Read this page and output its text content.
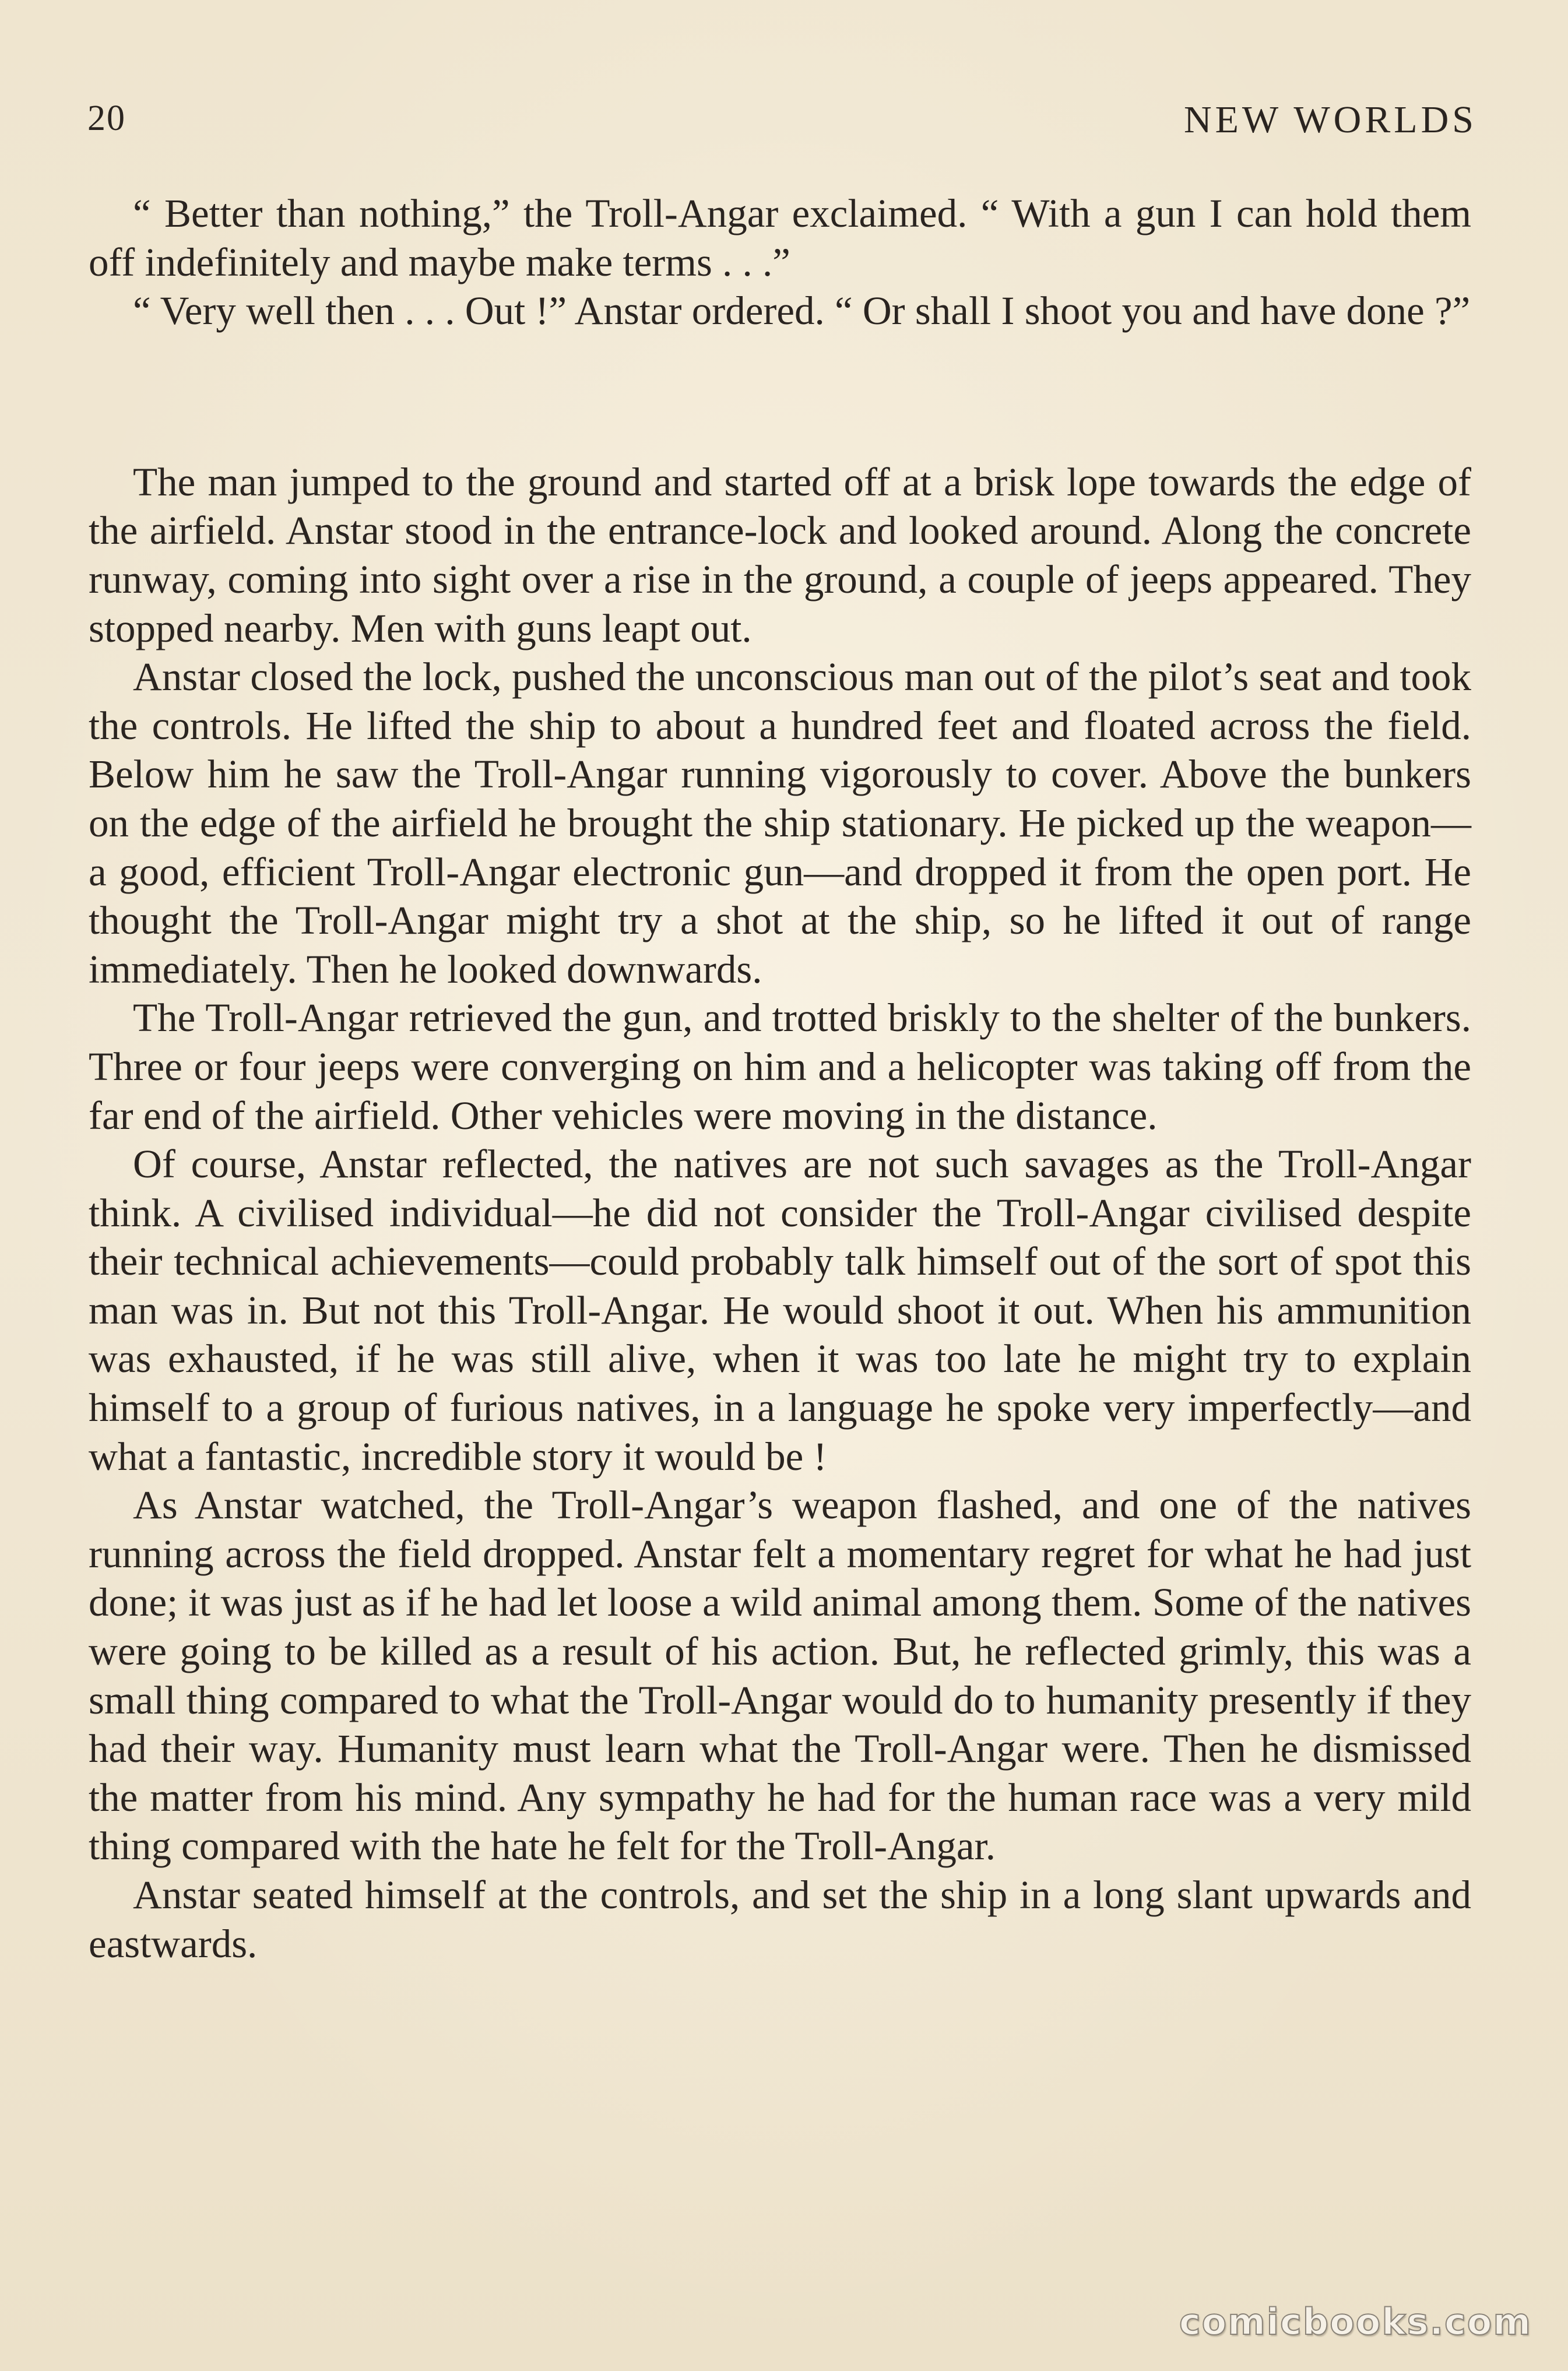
20	NEW WORLDS

“ Better than nothing,” the Troll-Angar exclaimed. “ With a gun I can hold them off indefinitely and maybe make terms . . .”

“ Very well then . . . Out !” Anstar ordered. “ Or shall I shoot you and have done ?”

The man jumped to the ground and started off at a brisk lope towards the edge of the airfield. Anstar stood in the entrance-lock and looked around. Along the concrete runway, coming into sight over a rise in the ground, a couple of jeeps appeared. They stopped nearby. Men with guns leapt out.

Anstar closed the lock, pushed the unconscious man out of the pilot’s seat and took the controls. He lifted the ship to about a hundred feet and floated across the field. Below him he saw the Troll-Angar running vigorously to cover. Above the bunkers on the edge of the airfield he brought the ship stationary. He picked up the weapon—a good, efficient Troll-Angar electronic gun—and dropped it from the open port. He thought the Troll-Angar might try a shot at the ship, so he lifted it out of range immediately. Then he looked downwards.

The Troll-Angar retrieved the gun, and trotted briskly to the shelter of the bunkers. Three or four jeeps were converging on him and a helicopter was taking off from the far end of the airfield. Other vehicles were moving in the distance.

Of course, Anstar reflected, the natives are not such savages as the Troll-Angar think. A civilised individual—he did not consider the Troll-Angar civilised despite their technical achievements—could probably talk himself out of the sort of spot this man was in. But not this Troll-Angar. He would shoot it out. When his ammunition was exhausted, if he was still alive, when it was too late he might try to explain himself to a group of furious natives, in a language he spoke very imperfectly—and what a fantastic, incredible story it would be !

As Anstar watched, the Troll-Angar’s weapon flashed, and one of the natives running across the field dropped. Anstar felt a momentary regret for what he had just done; it was just as if he had let loose a wild animal among them. Some of the natives were going to be killed as a result of his action. But, he reflected grimly, this was a small thing compared to what the Troll-Angar would do to humanity presently if they had their way. Humanity must learn what the Troll-Angar were. Then he dismissed the matter from his mind. Any sympathy he had for the human race was a very mild thing compared with the hate he felt for the Troll-Angar.

Anstar seated himself at the controls, and set the ship in a long slant upwards and eastwards.

comicbooks.com
